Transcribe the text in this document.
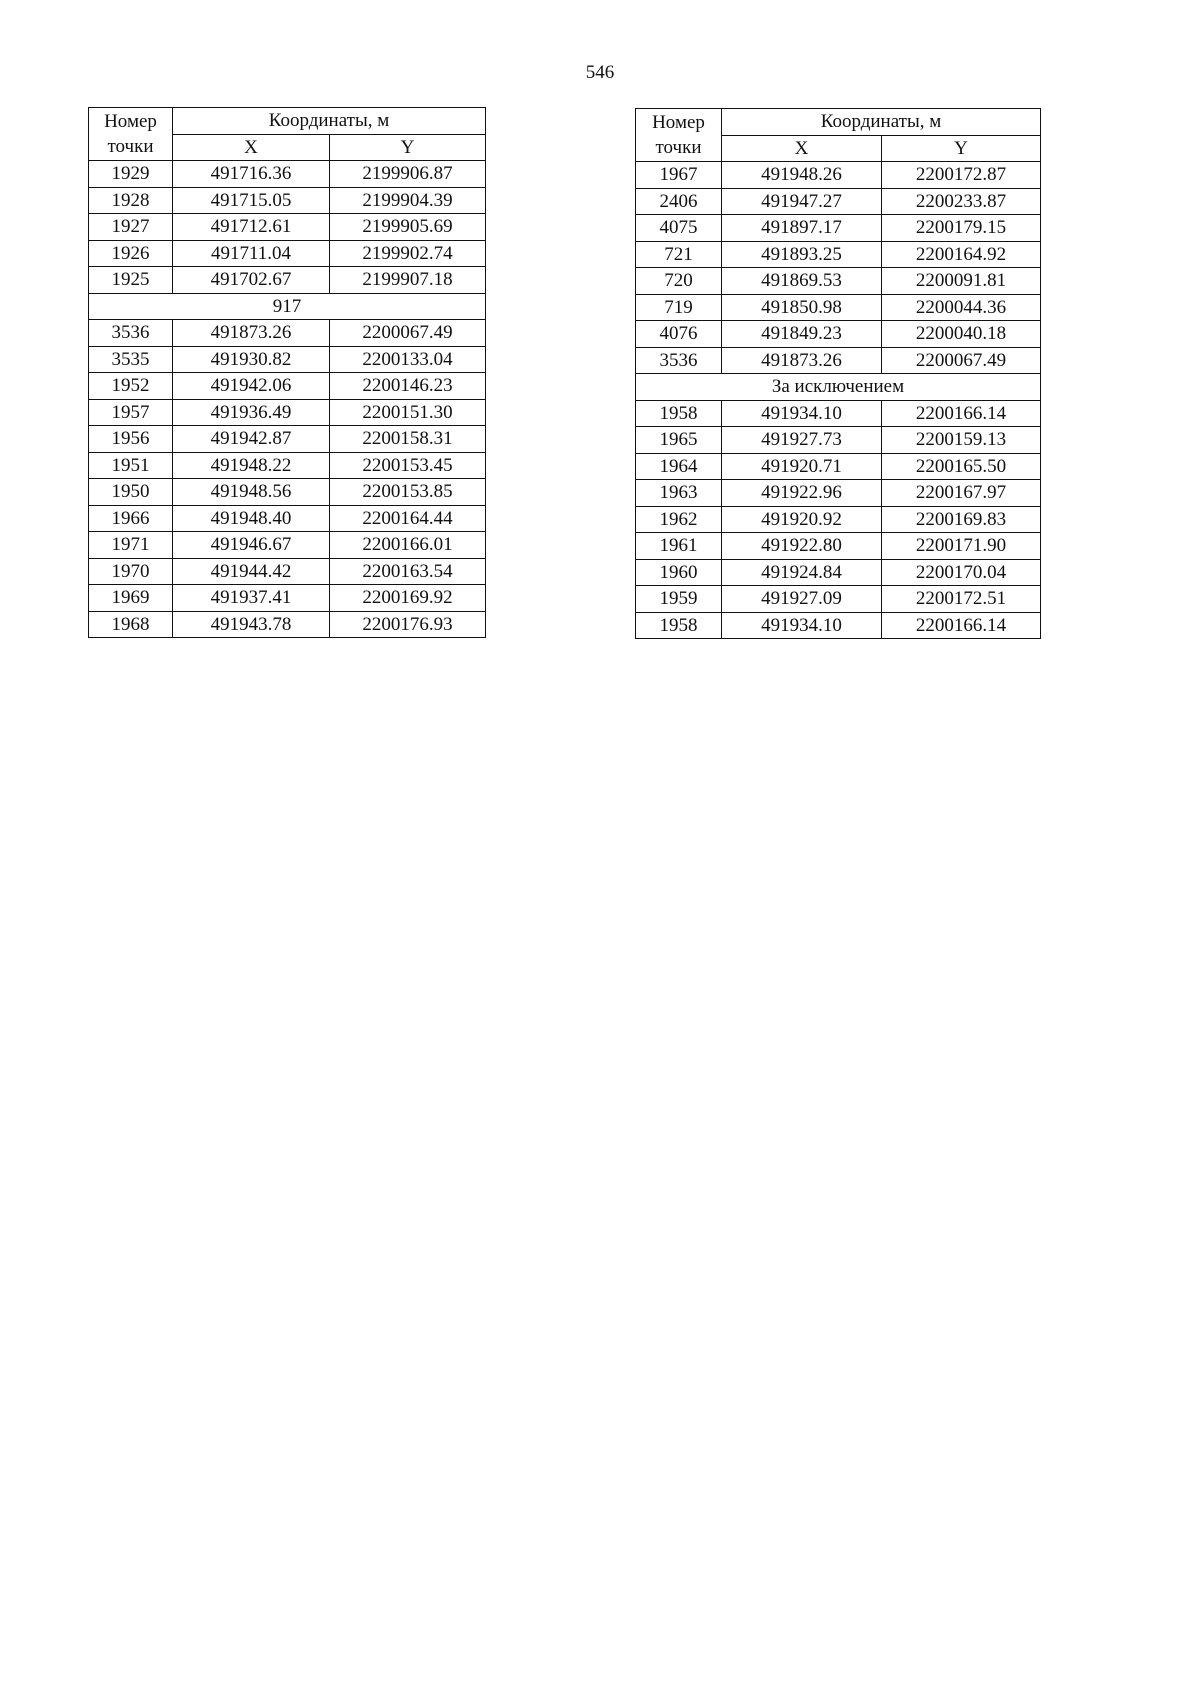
546
Номер
точки	Координаты, м	
	X	Y
1929	491716.36	2199906.87
1928	491715.05	2199904.39
1927	491712.61	2199905.69
1926	491711.04	2199902.74
1925	491702.67	2199907.18
917		
3536	491873.26	2200067.49
3535	491930.82	2200133.04
1952	491942.06	2200146.23
1957	491936.49	2200151.30
1956	491942.87	2200158.31
1951	491948.22	2200153.45
1950	491948.56	2200153.85
1966	491948.40	2200164.44
1971	491946.67	2200166.01
1970	491944.42	2200163.54
1969	491937.41	2200169.92
1968	491943.78	2200176.93
Номер
точки	Координаты, м	
	X	Y
1967	491948.26	2200172.87
2406	491947.27	2200233.87
4075	491897.17	2200179.15
721	491893.25	2200164.92
720	491869.53	2200091.81
719	491850.98	2200044.36
4076	491849.23	2200040.18
3536	491873.26	2200067.49
За исключением		
1958	491934.10	2200166.14
1965	491927.73	2200159.13
1964	491920.71	2200165.50
1963	491922.96	2200167.97
1962	491920.92	2200169.83
1961	491922.80	2200171.90
1960	491924.84	2200170.04
1959	491927.09	2200172.51
1958	491934.10	2200166.14
